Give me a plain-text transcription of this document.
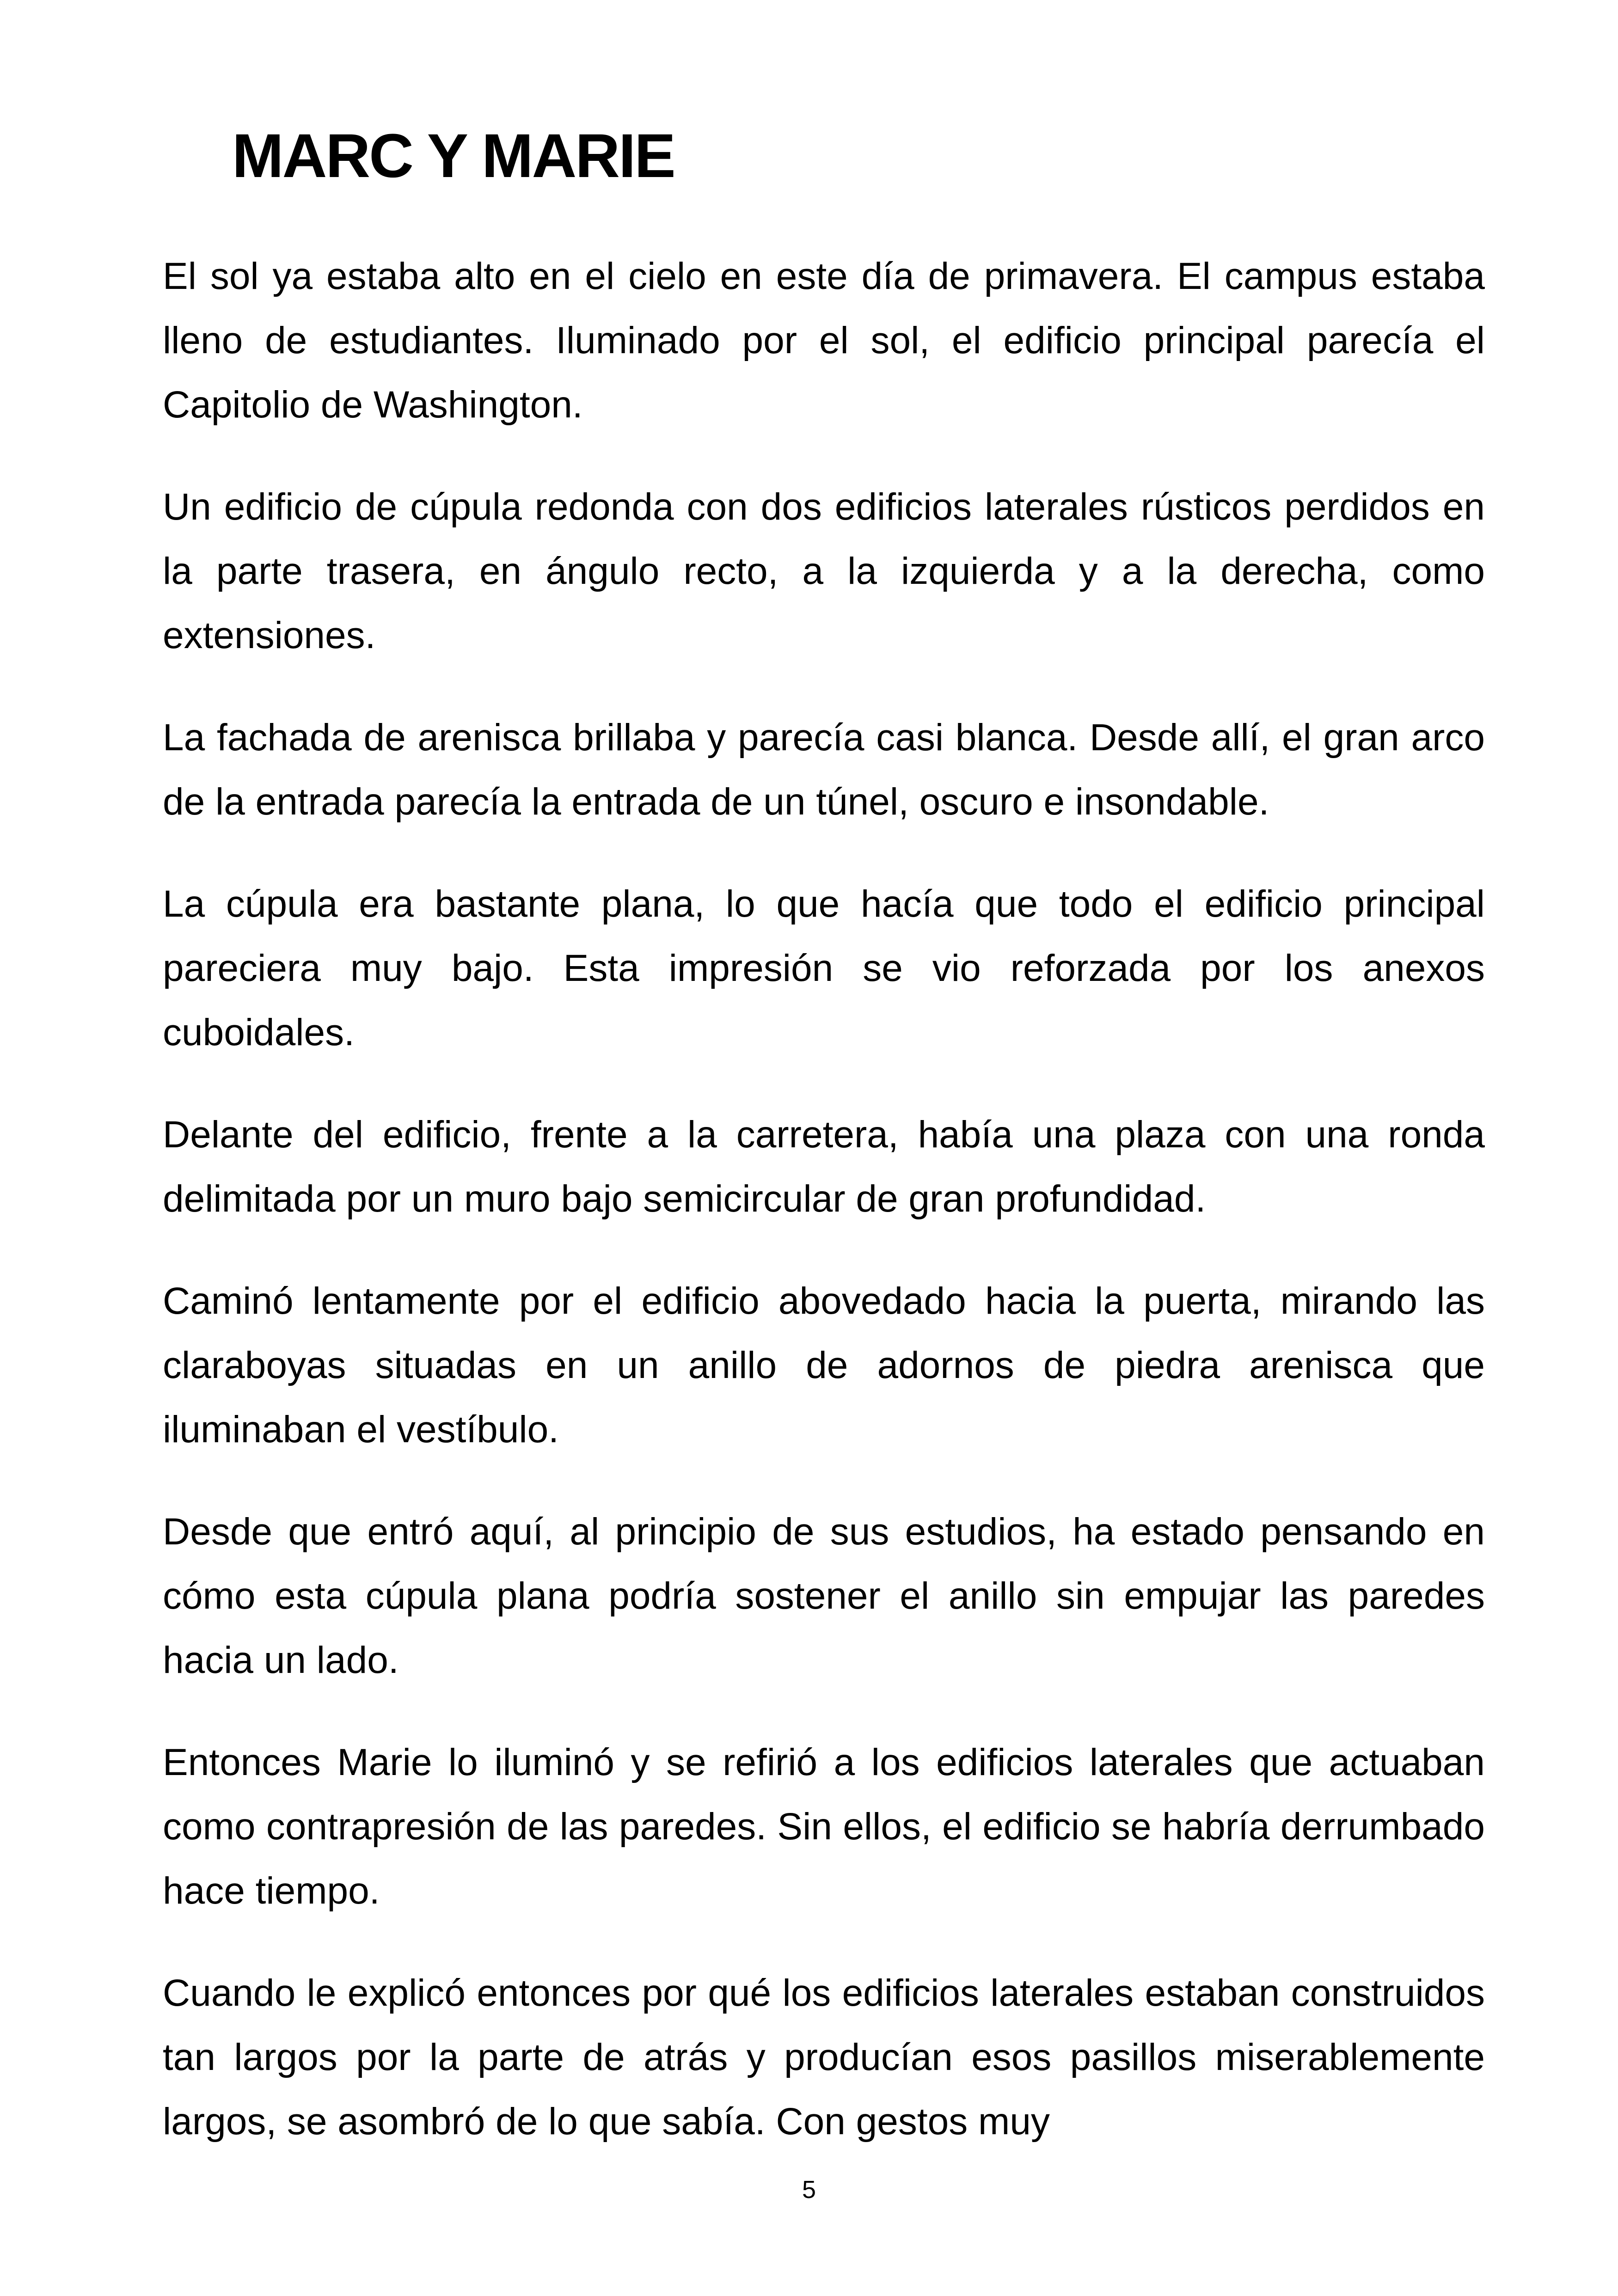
MARC Y MARIE

El sol ya estaba alto en el cielo en este día de primavera. El campus estaba lleno de estudiantes. Iluminado por el sol, el edificio principal parecía el Capitolio de Washington.

Un edificio de cúpula redonda con dos edificios laterales rústicos perdidos en la parte trasera, en ángulo recto, a la izquierda y a la derecha, como extensiones.

La fachada de arenisca brillaba y parecía casi blanca. Desde allí, el gran arco de la entrada parecía la entrada de un túnel, oscuro e insondable.

La cúpula era bastante plana, lo que hacía que todo el edificio principal pareciera muy bajo. Esta impresión se vio reforzada por los anexos cuboidales.

Delante del edificio, frente a la carretera, había una plaza con una ronda delimitada por un muro bajo semicircular de gran profundidad.

Caminó lentamente por el edificio abovedado hacia la puerta, mirando las claraboyas situadas en un anillo de adornos de piedra arenisca que iluminaban el vestíbulo.

Desde que entró aquí, al principio de sus estudios, ha estado pensando en cómo esta cúpula plana podría sostener el anillo sin empujar las paredes hacia un lado.

Entonces Marie lo iluminó y se refirió a los edificios laterales que actuaban como contrapresión de las paredes. Sin ellos, el edificio se habría derrumbado hace tiempo.

Cuando le explicó entonces por qué los edificios laterales estaban construidos tan largos por la parte de atrás y producían esos pasillos miserablemente largos, se asombró de lo que sabía. Con gestos muy

5
